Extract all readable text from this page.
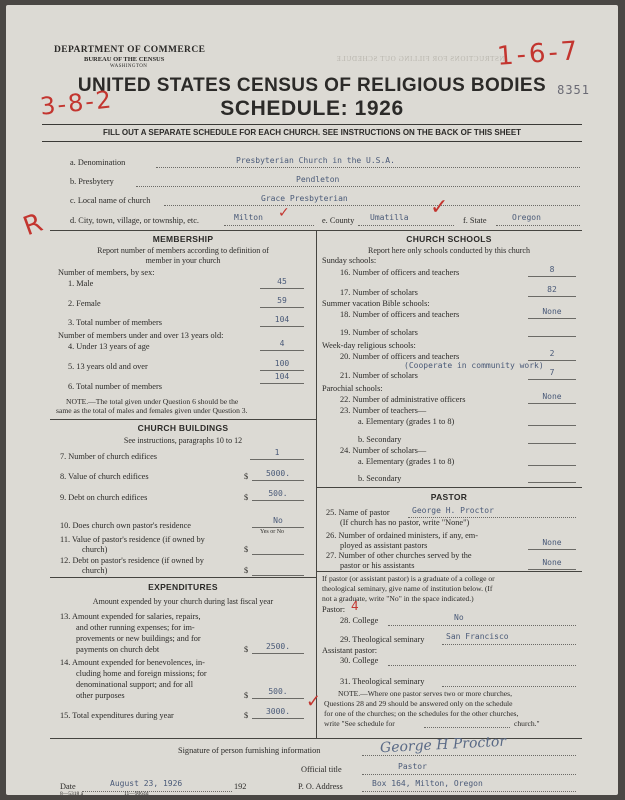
INSTRUCTIONS FOR FILLING OUT SCHEDULE
DEPARTMENT OF COMMERCE
BUREAU OF THE CENSUS
WASHINGTON	1-6-7
8351
UNITED STATES CENSUS OF RELIGIOUS BODIES
3-8-2	SCHEDULE: 1926
FILL OUT A SEPARATE SCHEDULE FOR EACH CHURCH. SEE INSTRUCTIONS ON THE BACK OF THIS SHEET
R
a. Denomination	Presbyterian Church in the U.S.A.
b. Presbytery	Pendleton
c. Local name of church	Grace Presbyterian
d. City, town, village, or township, etc.	Milton ✓	e. County Umatilla ✓
f. State	Oregon
MEMBERSHIP
Report number of members according to definition of
member in your church
Number of members, by sex:
1. Male	45
2. Female	59
3. Total number of members	104
Number of members under and over 13 years old:
4. Under 13 years of age	4
5. 13 years old and over	100
6. Total number of members
104
NOTE.—The total given under Question 6 should be the
same as the total of males and females given under Question 3.
CHURCH BUILDINGS
See instructions, paragraphs 10 to 12
7. Number of church edifices	1
8. Value of church edifices	$	5000.
9. Debt on church edifices	$	500.
10. Does church own pastor's residence
No
Yes or No
11. Value of pastor's residence (if owned by
church)	$
12. Debt on pastor's residence (if owned by
church)	$
EXPENDITURES
Amount expended by your church during last fiscal year
13. Amount expended for salaries, repairs,
and other running expenses; for im-
provements or new buildings; and for
payments on church debt	$	2500.
14. Amount expended for benevolences, in-
cluding home and foreign missions; for
denominational support; and for all
other purposes	$	500.
15. Total expenditures during year	$	3000. ✓
CHURCH SCHOOLS
Report here only schools conducted by this church
Sunday schools:
16. Number of officers and teachers	8
17. Number of scholars	82
Summer vacation Bible schools:
18. Number of officers and teachers	None
19. Number of scholars
Week-day religious schools:
20. Number of officers and teachers	2
(Cooperate in community work)
21. Number of scholars	7
Parochial schools:
22. Number of administrative officers	None
23. Number of teachers—
a. Elementary (grades 1 to 8)
b. Secondary
24. Number of scholars—
a. Elementary (grades 1 to 8)
b. Secondary
PASTOR
25. Name of pastor	George H. Proctor
(If church has no pastor, write "None")
26. Number of ordained ministers, if any, em-
ployed as assistant pastors	None
27. Number of other churches served by the
pastor or his assistants	None
If pastor (or assistant pastor) is a graduate of a college or
theological seminary, give name of institution below. (If
not a graduate, write "No" in the space indicated.)
Pastor: 4
28. College	No
29. Theological seminary	San Francisco
Assistant pastor:
30. College
31. Theological seminary
NOTE.—Where one pastor serves two or more churches,
Questions 28 and 29 should be answered only on the schedule
for one of the churches; on the schedules for the other churches,
write "See schedule for	church."
Signature of person furnishing information	George H Proctor
Official title	Pastor
Date	August 23, 1926	192	P. O. Address	Box 164, Milton, Oregon
8—5318 a	11—9064d
